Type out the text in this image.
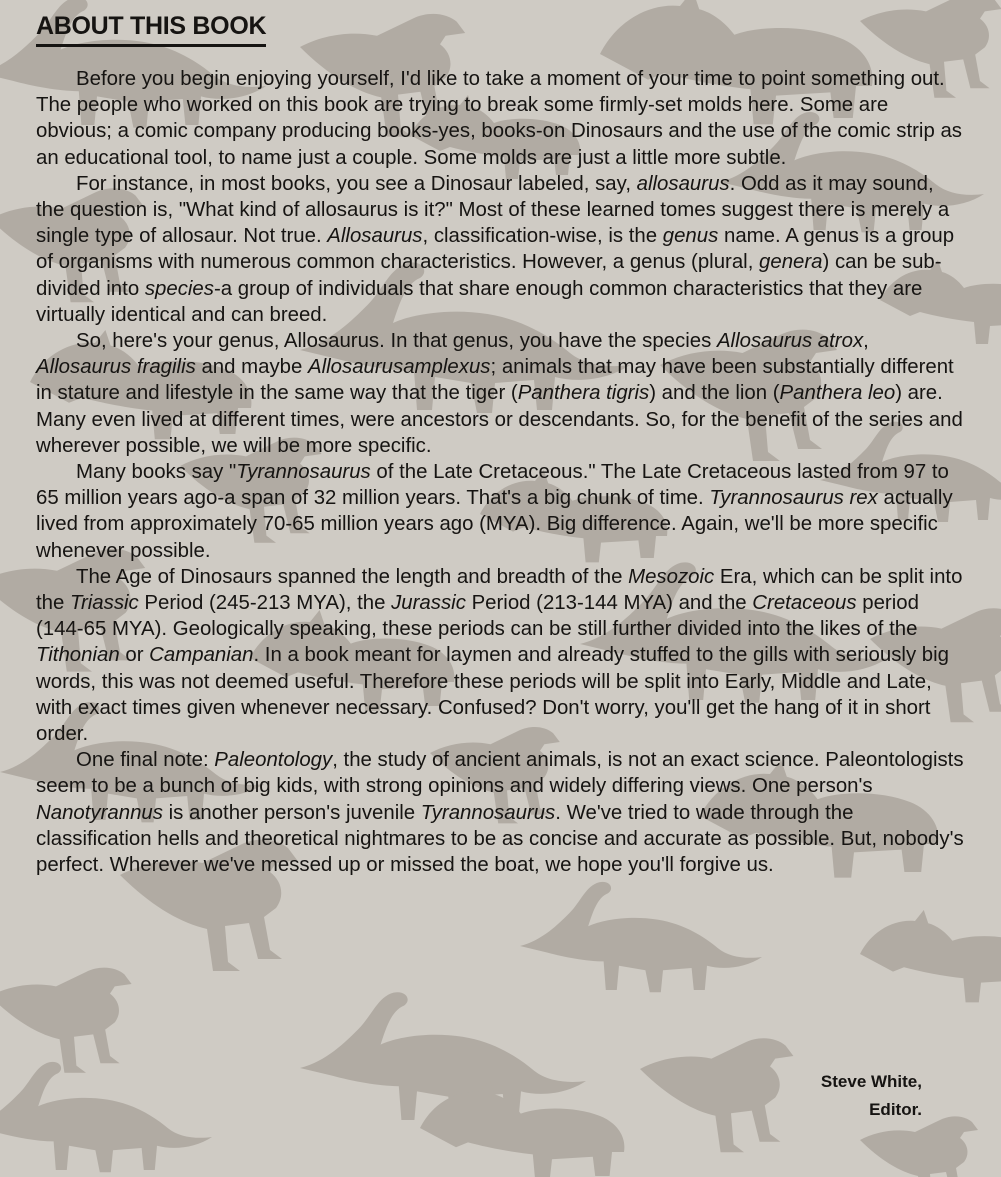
ABOUT THIS BOOK

Before you begin enjoying yourself, I'd like to take a moment of your time to point something out. The people who worked on this book are trying to break some firmly-set molds here. Some are obvious; a comic company producing books-yes, books-on Dinosaurs and the use of the comic strip as an educational tool, to name just a couple. Some molds are just a little more subtle.

For instance, in most books, you see a Dinosaur labeled, say, allosaurus. Odd as it may sound, the question is, "What kind of allosaurus is it?" Most of these learned tomes suggest there is merely a single type of allosaur. Not true. Allosaurus, classification-wise, is the genus name. A genus is a group of organisms with numerous common characteristics. However, a genus (plural, genera) can be sub-divided into species-a group of individuals that share enough common characteristics that they are virtually identical and can breed.

So, here's your genus, Allosaurus. In that genus, you have the species Allosaurus atrox, Allosaurus fragilis and maybe Allosaurusamplexus; animals that may have been substantially different in stature and lifestyle in the same way that the tiger (Panthera tigris) and the lion (Panthera leo) are. Many even lived at different times, were ancestors or descendants. So, for the benefit of the series and wherever possible, we will be more specific.

Many books say "Tyrannosaurus of the Late Cretaceous." The Late Cretaceous lasted from 97 to 65 million years ago-a span of 32 million years. That's a big chunk of time. Tyrannosaurus rex actually lived from approximately 70-65 million years ago (MYA). Big difference. Again, we'll be more specific whenever possible.

The Age of Dinosaurs spanned the length and breadth of the Mesozoic Era, which can be split into the Triassic Period (245-213 MYA), the Jurassic Period (213-144 MYA) and the Cretaceous period (144-65 MYA). Geologically speaking, these periods can be still further divided into the likes of the Tithonian or Campanian. In a book meant for laymen and already stuffed to the gills with seriously big words, this was not deemed useful. Therefore these periods will be split into Early, Middle and Late, with exact times given whenever necessary. Confused? Don't worry, you'll get the hang of it in short order.

One final note: Paleontology, the study of ancient animals, is not an exact science. Paleontologists seem to be a bunch of big kids, with strong opinions and widely differing views. One person's Nanotyrannus is another person's juvenile Tyrannosaurus. We've tried to wade through the classification hells and theoretical nightmares to be as concise and accurate as possible. But, nobody's perfect. Wherever we've messed up or missed the boat, we hope you'll forgive us.

Steve White,
Editor.
